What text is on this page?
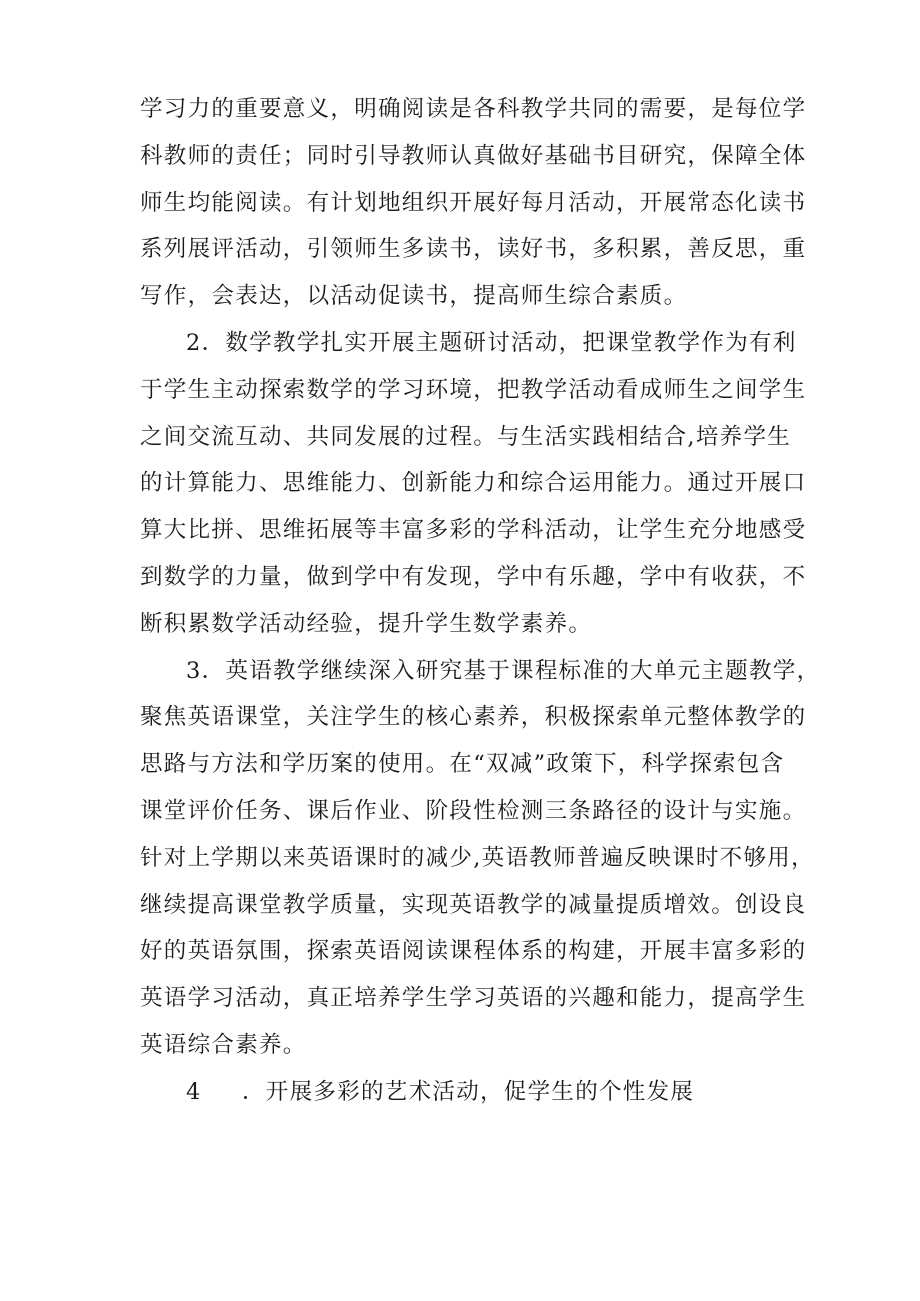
学习力的重要意义，明确阅读是各科教学共同的需要，是每位学
科教师的责任；同时引导教师认真做好基础书目研究，保障全体
师生均能阅读。有计划地组织开展好每月活动，开展常态化读书
系列展评活动，引领师生多读书，读好书，多积累，善反思，重
写作，会表达，以活动促读书，提高师生综合素质。
2．数学教学扎实开展主题研讨活动，把课堂教学作为有利
于学生主动探索数学的学习环境，把教学活动看成师生之间学生
之间交流互动、共同发展的过程。与生活实践相结合,培养学生
的计算能力、思维能力、创新能力和综合运用能力。通过开展口
算大比拼、思维拓展等丰富多彩的学科活动，让学生充分地感受
到数学的力量，做到学中有发现，学中有乐趣，学中有收获，不
断积累数学活动经验，提升学生数学素养。
3．英语教学继续深入研究基于课程标准的大单元主题教学，
聚焦英语课堂，关注学生的核心素养，积极探索单元整体教学的
思路与方法和学历案的使用。在“双减”政策下，科学探索包含
课堂评价任务、课后作业、阶段性检测三条路径的设计与实施。
针对上学期以来英语课时的减少,英语教师普遍反映课时不够用，
继续提高课堂教学质量，实现英语教学的减量提质增效。创设良
好的英语氛围，探索英语阅读课程体系的构建，开展丰富多彩的
英语学习活动，真正培养学生学习英语的兴趣和能力，提高学生
英语综合素养。
4 ．开展多彩的艺术活动，促学生的个性发展
